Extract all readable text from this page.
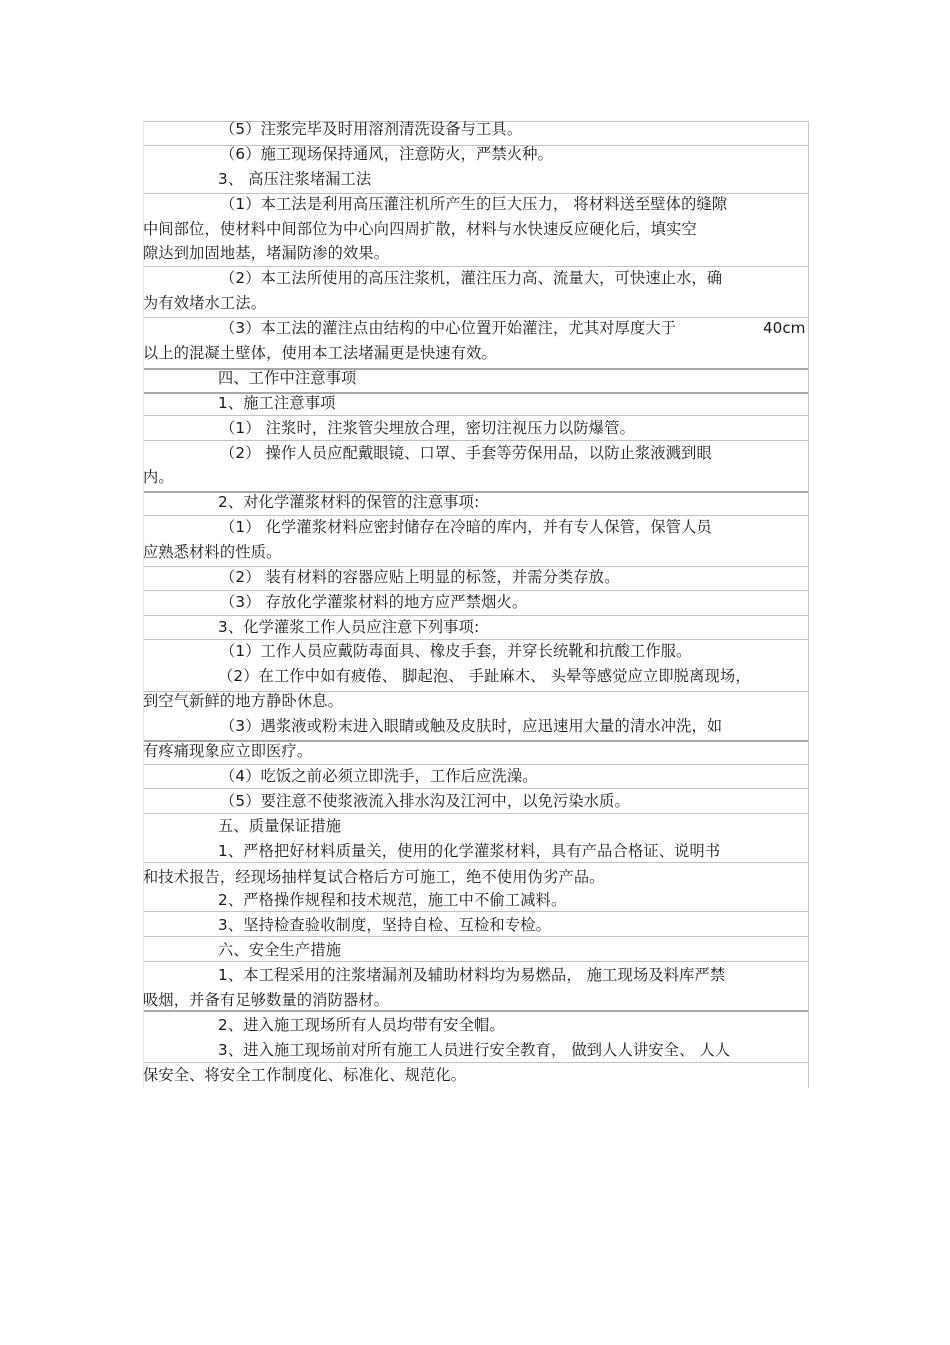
（5）注浆完毕及时用溶剂清洗设备与工具。
（6）施工现场保持通风，注意防火，严禁火种。
3、 高压注浆堵漏工法
（1）本工法是利用高压灌注机所产生的巨大压力， 将材料送至壁体的缝隙
中间部位，使材料中间部位为中心向四周扩散，材料与水快速反应硬化后，填实空
隙达到加固地基，堵漏防渗的效果。
（2）本工法所使用的高压注浆机，灌注压力高、流量大，可快速止水，确
为有效堵水工法。
（3）本工法的灌注点由结构的中心位置开始灌注，尤其对厚度大于	40cm
以上的混凝土壁体，使用本工法堵漏更是快速有效。
四、工作中注意事项
1、施工注意事项
（1） 注浆时，注浆管尖埋放合理，密切注视压力以防爆管。
（2） 操作人员应配戴眼镜、口罩、手套等劳保用品，以防止浆液溅到眼
内。
2、对化学灌浆材料的保管的注意事项:
（1） 化学灌浆材料应密封储存在冷暗的库内，并有专人保管，保管人员
应熟悉材料的性质。
（2） 装有材料的容器应贴上明显的标签，并需分类存放。
（3） 存放化学灌浆材料的地方应严禁烟火。
3、化学灌浆工作人员应注意下列事项:
（1）工作人员应戴防毒面具、橡皮手套，并穿长统靴和抗酸工作服。
（2）在工作中如有疲倦、 脚起泡、 手趾麻木、 头晕等感觉应立即脱离现场，
到空气新鲜的地方静卧休息。
（3）遇浆液或粉末进入眼睛或触及皮肤时，应迅速用大量的清水冲洗，如
有疼痛现象应立即医疗。
（4）吃饭之前必须立即洗手，工作后应洗澡。
（5）要注意不使浆液流入排水沟及江河中，以免污染水质。
五、质量保证措施
1、严格把好材料质量关，使用的化学灌浆材料，具有产品合格证、说明书
和技术报告，经现场抽样复试合格后方可施工，绝不使用伪劣产品。
2、严格操作规程和技术规范，施工中不偷工减料。
3、坚持检查验收制度，坚持自检、互检和专检。
六、安全生产措施
1、本工程采用的注浆堵漏剂及辅助材料均为易燃品， 施工现场及料库严禁
吸烟，并备有足够数量的消防器材。
2、进入施工现场所有人员均带有安全帽。
3、进入施工现场前对所有施工人员进行安全教育， 做到人人讲安全、 人人
保安全、将安全工作制度化、标准化、规范化。
